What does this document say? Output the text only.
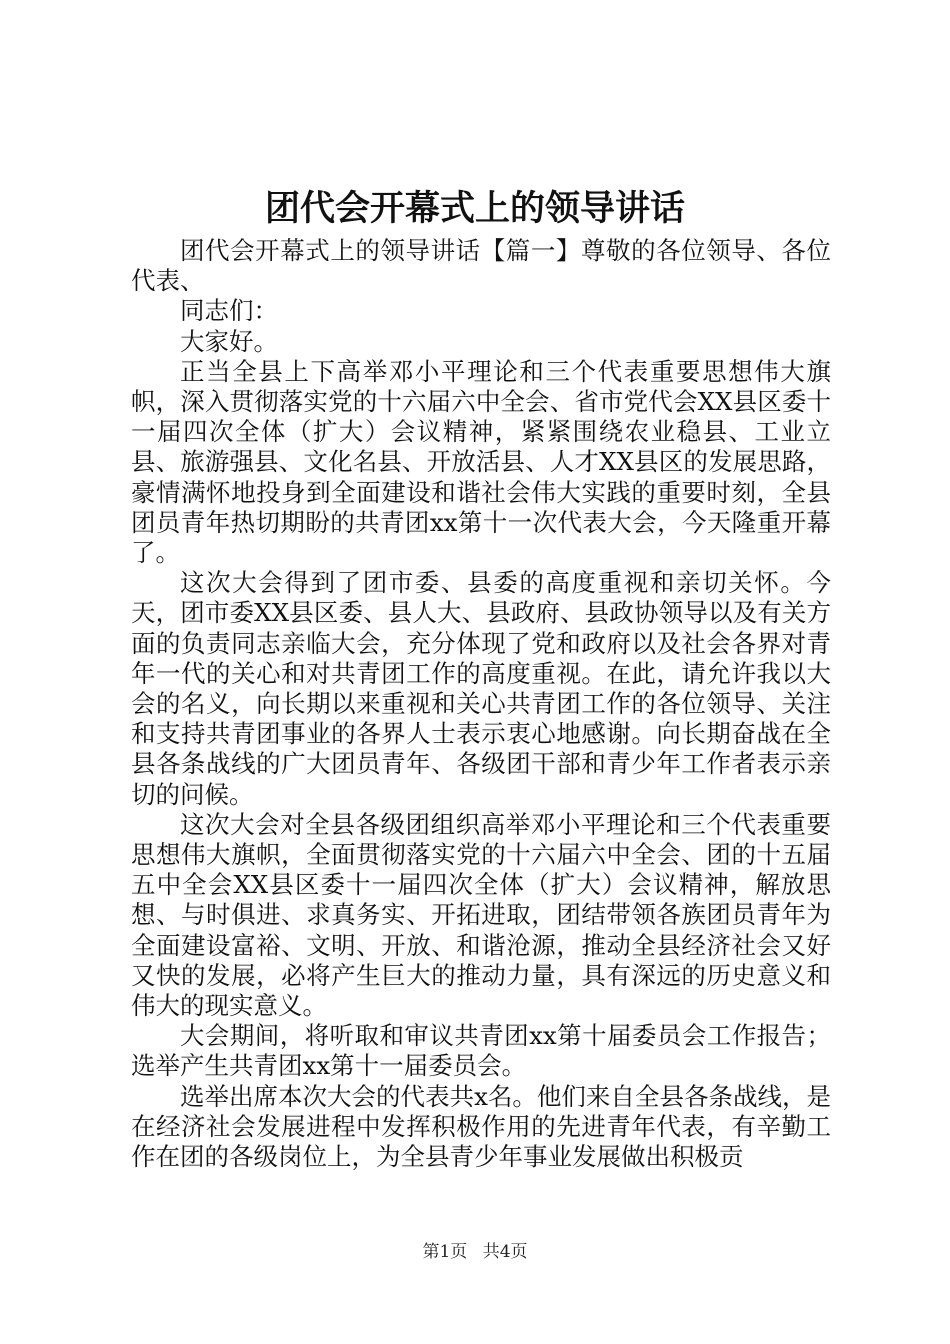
团代会开幕式上的领导讲话

团代会开幕式上的领导讲话【篇一】尊敬的各位领导、各位代表、

同志们：

大家好。

正当全县上下高举邓小平理论和三个代表重要思想伟大旗帜，深入贯彻落实党的十六届六中全会、省市党代会XX县区委十一届四次全体（扩大）会议精神，紧紧围绕农业稳县、工业立县、旅游强县、文化名县、开放活县、人才XX县区的发展思路，豪情满怀地投身到全面建设和谐社会伟大实践的重要时刻，全县团员青年热切期盼的共青团xx第十一次代表大会，今天隆重开幕了。

这次大会得到了团市委、县委的高度重视和亲切关怀。今天，团市委XX县区委、县人大、县政府、县政协领导以及有关方面的负责同志亲临大会，充分体现了党和政府以及社会各界对青年一代的关心和对共青团工作的高度重视。在此，请允许我以大会的名义，向长期以来重视和关心共青团工作的各位领导、关注和支持共青团事业的各界人士表示衷心地感谢。向长期奋战在全县各条战线的广大团员青年、各级团干部和青少年工作者表示亲切的问候。

这次大会对全县各级团组织高举邓小平理论和三个代表重要思想伟大旗帜，全面贯彻落实党的十六届六中全会、团的十五届五中全会XX县区委十一届四次全体（扩大）会议精神，解放思想、与时俱进、求真务实、开拓进取，团结带领各族团员青年为全面建设富裕、文明、开放、和谐沧源，推动全县经济社会又好又快的发展，必将产生巨大的推动力量，具有深远的历史意义和伟大的现实意义。

大会期间，将听取和审议共青团xx第十届委员会工作报告；选举产生共青团xx第十一届委员会。

选举出席本次大会的代表共x名。他们来自全县各条战线，是在经济社会发展进程中发挥积极作用的先进青年代表，有辛勤工作在团的各级岗位上，为全县青少年事业发展做出积极贡

第1页 共4页
